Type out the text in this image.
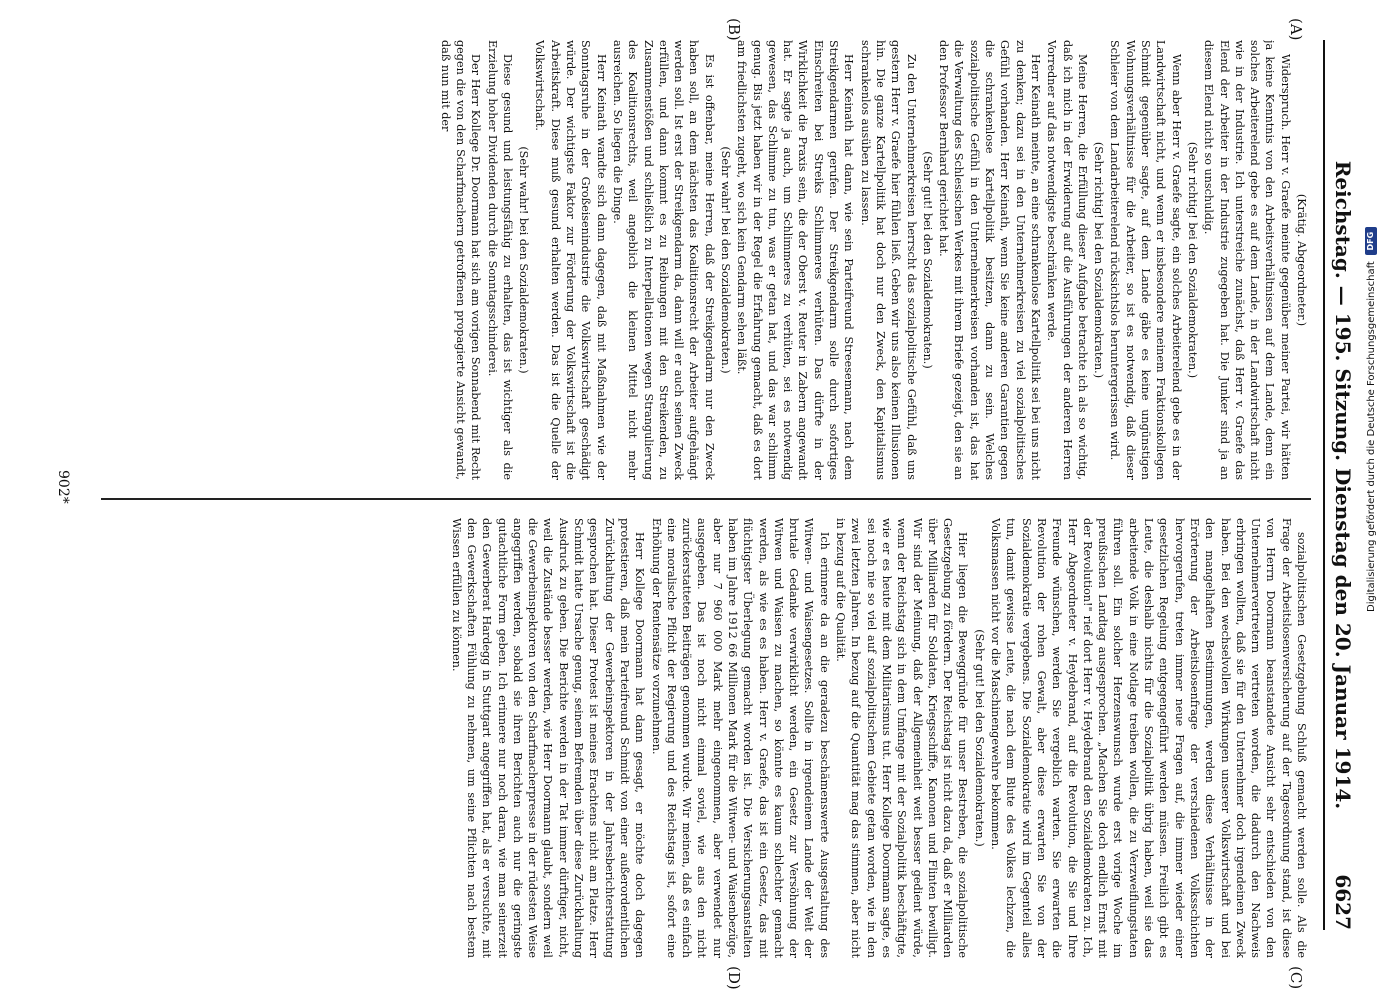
Reichstag. — 195. Sitzung. Dienstag den 20. Januar 1914.
6627
(A)
(B)
(C)
(D)

(Krätig. Abgeordneter.)

Widerspruch. Herr v. Graefe meinte gegenüber meiner Partei, wir hätten ja keine Kenntnis von den Arbeitsverhältnissen auf dem Lande, denn ein solches Arbeiterelend gebe es auf dem Lande, in der Landwirtschaft nicht wie in der Industrie. Ich unterstreiche zunächst, daß Herr v. Graefe das Elend der Arbeiter in der Industrie zugegeben hat. Die Junker sind ja an diesem Elend nicht so unschuldig.

(Sehr richtig! bei den Sozialdemokraten.)

Wenn aber Herr v. Graefe sagte, ein solches Arbeiterelend gebe es in der Landwirtschaft nicht, und wenn er insbesondere meinem Fraktionskollegen Schmidt gegenüber sagte, auf dem Lande gäbe es keine ungünstigen Wohnungsverhältnisse für die Arbeiter, so ist es notwendig, daß dieser Schleier von dem Landarbeiterelend rücksichtslos heruntergerissen wird.

(Sehr richtig! bei den Sozialdemokraten.)

Meine Herren, die Erfüllung dieser Aufgabe betrachte ich als so wichtig, daß ich mich in der Erwiderung auf die Ausführungen der anderen Herren Vorredner auf das notwendigste beschränken werde.

Herr Keinath meinte, an eine schrankenlose Kartellpolitik sei bei uns nicht zu denken; dazu sei in den Unternehmerkreisen zu viel sozialpolitisches Gefühl vorhanden. Herr Keinath, wenn Sie keine anderen Garantien gegen die schrankenlose Kartellpolitik besitzen, dann zu sein. Welches sozialpolitische Gefühl in den Unternehmerkreisen vorhanden ist, das hat die Verwaltung des Schlesischen Werkes mit ihrem Briefe gezeigt, den sie an den Professor Bernhard gerichtet hat.

(Sehr gut! bei den Sozialdemokraten.)

Zu den Unternehmerkreisen herrscht das sozialpolitische Gefühl, daß uns gestern Herr v. Graefe hier fühlen ließ. Geben wir uns also keinen Illusionen hin. Die ganze Kartellpolitik hat doch nur den Zweck, den Kapitalismus schrankenlos ausüben zu lassen.

Herr Keinath hat dann, wie sein Parteifreund Streesemann, nach dem Streikgendarmen gerufen. Der Streikgendarm solle durch sofortiges Einschreiten bei Streiks Schlimmeres verhüten. Das dürfte in der Wirklichkeit die Praxis sein, die der Oberst v. Reuter in Zabern angewandt hat. Er sagte ja auch, um Schlimmeres zu verhüten, sei es notwendig gewesen, das Schlimme zu tun, was er getan hat, und das war schlimm genug. Bis jetzt haben wir in der Regel die Erfahrung gemacht, daß es dort am friedlichsten zugeht, wo sich kein Gendarm sehen läßt.

(Sehr wahr! bei den Sozialdemokraten.)

Es ist offenbar, meine Herren, daß der Streikgendarm nur den Zweck haben soll, an dem nächsten das Koalitionsrecht der Arbeiter aufgehängt werden soll. Ist erst der Streikgendarm da, dann will er auch seinen Zweck erfüllen, und dann kommt es zu Reibungen mit den Streikenden, zu Zusammenstößen und schließlich zu Interpellationen wegen Strangulierung des Koalitionsrechts, weil angeblich die kleinen Mittel nicht mehr ausreichen. So liegen die Dinge.

Herr Keinath wandte sich dann dagegen, daß mit Maßnahmen wie der Sonntagsruhe in der Großeisenindustrie die Volkswirtschaft geschädigt würde. Der wichtigste Faktor zur Förderung der Volkswirtschaft ist die Arbeitskraft. Diese muß gesund erhalten werden. Das ist die Quelle der Volkswirtschaft.

(Sehr wahr! bei den Sozialdemokraten.)

Diese gesund und leistungsfähig zu erhalten, das ist wichtiger als die Erzielung hoher Dividenden durch die Sonntagsschinderei.

Der Herr Kollege Dr. Doormann hat sich am vorigen Sonnabend mit Recht gegen die von den Scharfmachern getroffenen propagierte Ansicht gewandt, daß nun mit der

sozialpolitischen Gesetzgebung Schluß gemacht werden solle. Als die Frage der Arbeitslosenversicherung auf der Tagesordnung stand, ist diese von Herrn Doormann beanstandete Ansicht sehr entschieden von den Unternehmervertretern vertreten worden, die dadurch den Nachweis erbringen wollten, daß sie für den Unternehmer doch irgendeinen Zweck haben. Bei den wechselvollen Wirkungen unserer Volkswirtschaft und bei den mangelhaften Bestimmungen, werden diese Verhältnisse in der Erörterung der Arbeitslosenfrage der verschiedenen Volksschichten hervorgerufen, treten immer neue Fragen auf, die immer wieder einer gesetzlichen Regelung entgegengeführt werden müssen. Freilich gibt es Leute, die deshalb nichts für die Sozialpolitik übrig haben, weil sie das arbeitende Volk in eine Notlage treiben wollen, die zu Verzweiflungstaten führen soll. Ein solcher Herzenswunsch wurde erst vorige Woche im preußischen Landtag ausgesprochen. „Machen Sie doch endlich Ernst mit der Revolution!" rief dort Herr v. Heydebrand den Sozialdemokraten zu. Ich, Herr Abgeordneter v. Heydebrand, auf die Revolution, die Sie und Ihre Freunde wünschen, werden Sie vergeblich warten. Sie erwarten die Revolution der rohen Gewalt, aber diese erwarten Sie von der Sozialdemokratie vergebens. Die Sozialdemokratie wird im Gegenteil alles tun, damit gewisse Leute, die nach dem Blute des Volkes lechzen, die Volksmassen nicht vor die Maschinengewehre bekommen.

(Sehr gut! bei den Sozialdemokraten.)

Hier liegen die Beweggründe für unser Bestreben, die sozialpolitische Gesetzgebung zu fördern. Der Reichstag ist nicht dazu da, daß er Milliarden über Milliarden für Soldaten, Kriegsschiffe, Kanonen und Flinten bewilligt. Wir sind der Meinung, daß der Allgemeinheit weit besser gedient würde, wenn der Reichstag sich in dem Umfange mit der Sozialpolitik beschäftigte, wie er es heute mit dem Militarismus tut. Herr Kollege Doormann sagte, es sei noch nie so viel auf sozialpolitischem Gebiete getan worden, wie in den zwei letzten Jahren. In bezug auf die Quantität mag das stimmen, aber nicht in bezug auf die Qualität.

Ich erinnere da an die geradezu beschämenswerte Ausgestaltung des Witwen- und Waisengesetzes. Sollte in irgendeinem Lande der Welt der brutale Gedanke verwirklicht werden, ein Gesetz zur Versöhnung der Witwen und Waisen zu machen, so könnte es kaum schlechter gemacht werden, als wie es es haben. Herr v. Graefe, das ist ein Gesetz, das mit flüchtigster Überlegung gemacht worden ist. Die Versicherungsanstalten haben im Jahre 1912 66 Millionen Mark für die Witwen- und Waisenbezüge, aber nur 7 960 000 Mark mehr eingenommen, aber verwendet nur ausgegeben. Das ist noch nicht einmal soviel, wie aus den nicht zurückerstatteten Beiträgen genommen wurde. Wir meinen, daß es einfach eine moralische Pflicht der Regierung und des Reichstags ist, sofort eine Erhöhung der Rentensätze vorzunehmen.

Herr Kollege Doormann hat dann gesagt, er möchte doch dagegen protestieren, daß mein Parteifreund Schmidt von einer außerordentlichen Zurückhaltung der Gewerbeinspektoren in der Jahresberichterstattung gesprochen hat. Dieser Protest ist meines Erachtens nicht am Platze. Herr Schmidt hatte Ursache genug, seinem Befremden über diese Zurückhaltung Ausdruck zu geben. Die Berichte werden in der Tat immer dürftiger, nicht, weil die Zustände besser werden, wie Herr Doormann glaubt, sondern weil die Gewerbeinspektoren von den Scharfmacherpresse in der rüdesten Weise angegriffen werden, sobald sie ihren Berichten auch nur die geringste gutachtliche Form geben. Ich erinnere nur noch daran, wie man seinerzeit den Gewerberat Hardegg in Stuttgart angegriffen hat, als er versuchte, mit den Gewerkschaften Fühlung zu nehmen, um seine Pflichten nach bestem Wissen erfüllen zu können.

902*	Digitalisierung gefördert durch die Deutsche Forschungsgemeinschaft
DFG
